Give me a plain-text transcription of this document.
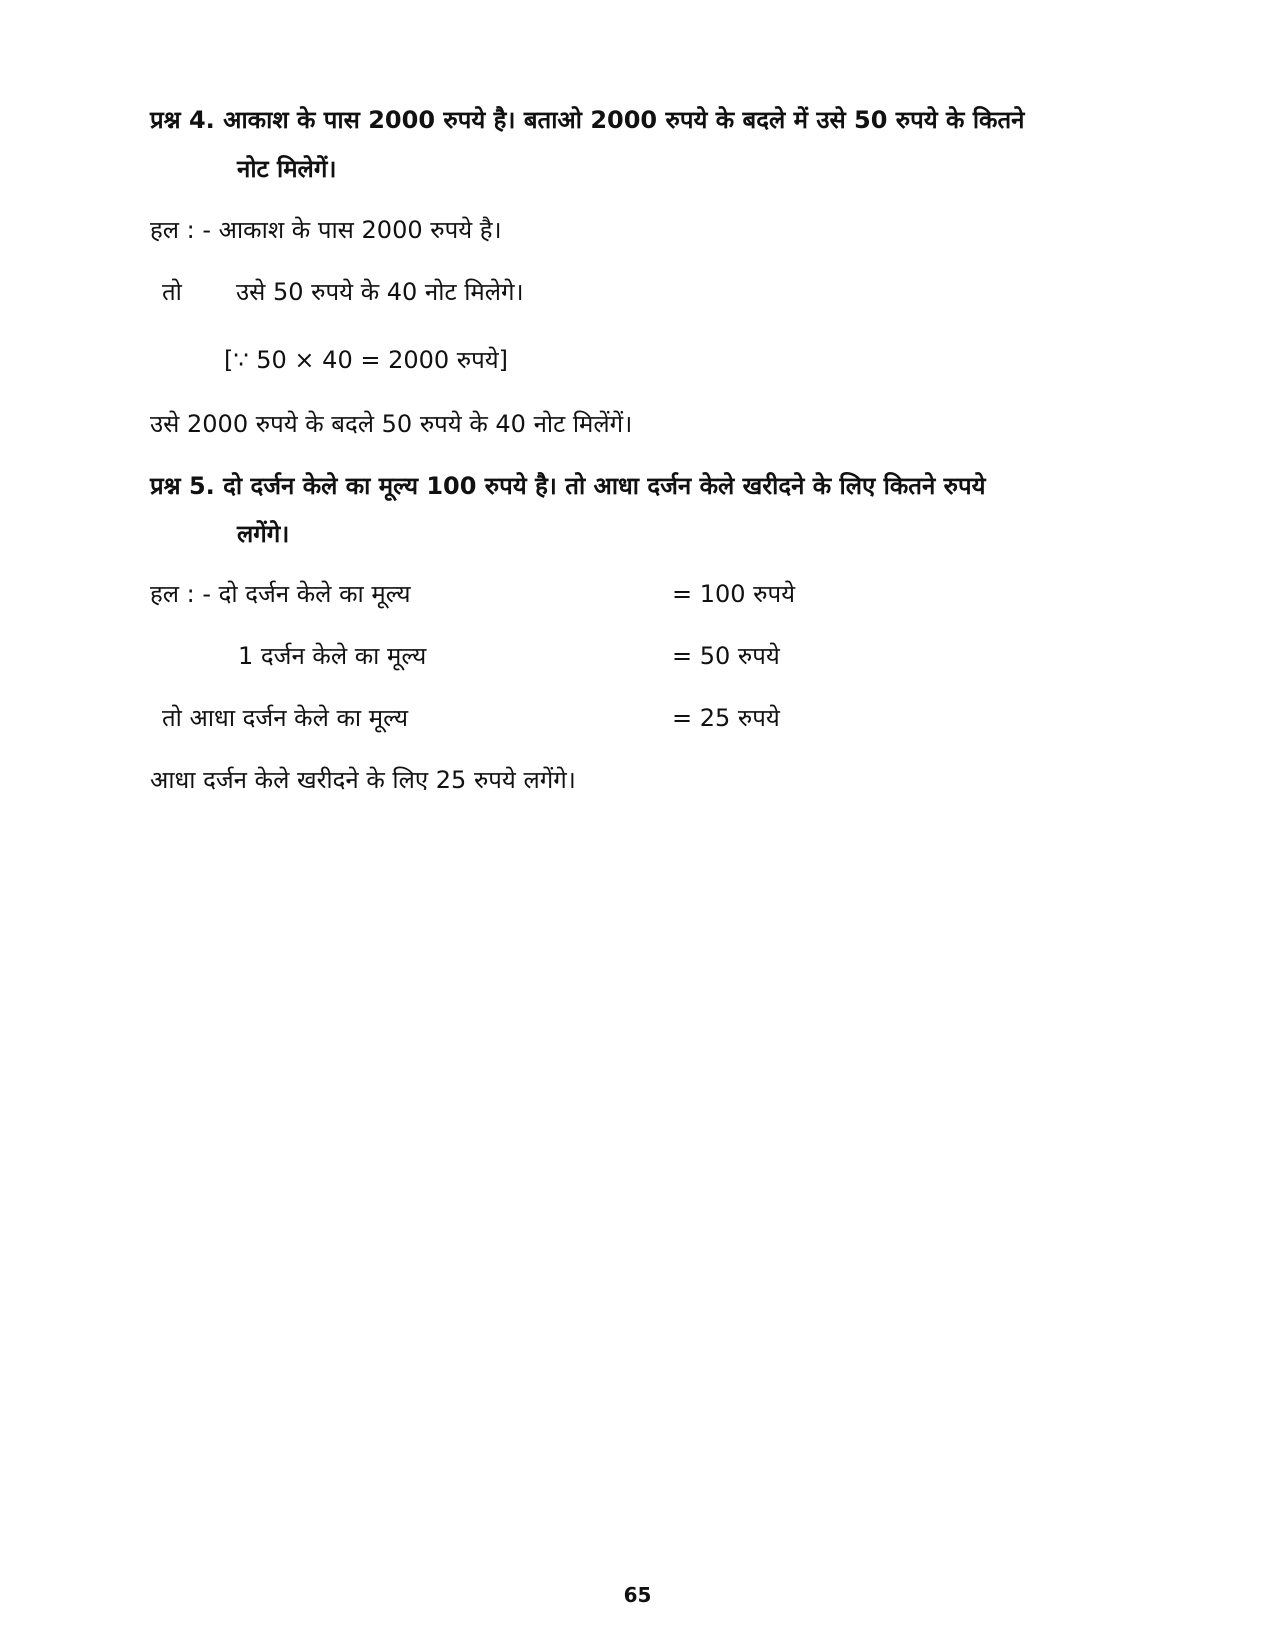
प्रश्न 4. आकाश के पास 2000 रुपये है। बताओ 2000 रुपये के बदले में उसे 50 रुपये के कितने
नोट मिलेगें।
हल : - आकाश के पास 2000 रुपये है।
तो उसे 50 रुपये के 40 नोट मिलेगे।
[∵ 50 × 40 = 2000 रुपये]
उसे 2000 रुपये के बदले 50 रुपये के 40 नोट मिलेंगें।
प्रश्न 5. दो दर्जन केले का मूल्य 100 रुपये है। तो आधा दर्जन केले खरीदने के लिए कितने रुपये
लगेंगे।
हल : - दो दर्जन केले का मूल्य	= 100 रुपये
1 दर्जन केले का मूल्य	= 50 रुपये
तो आधा दर्जन केले का मूल्य	= 25 रुपये
आधा दर्जन केले खरीदने के लिए 25 रुपये लगेंगे।
65
